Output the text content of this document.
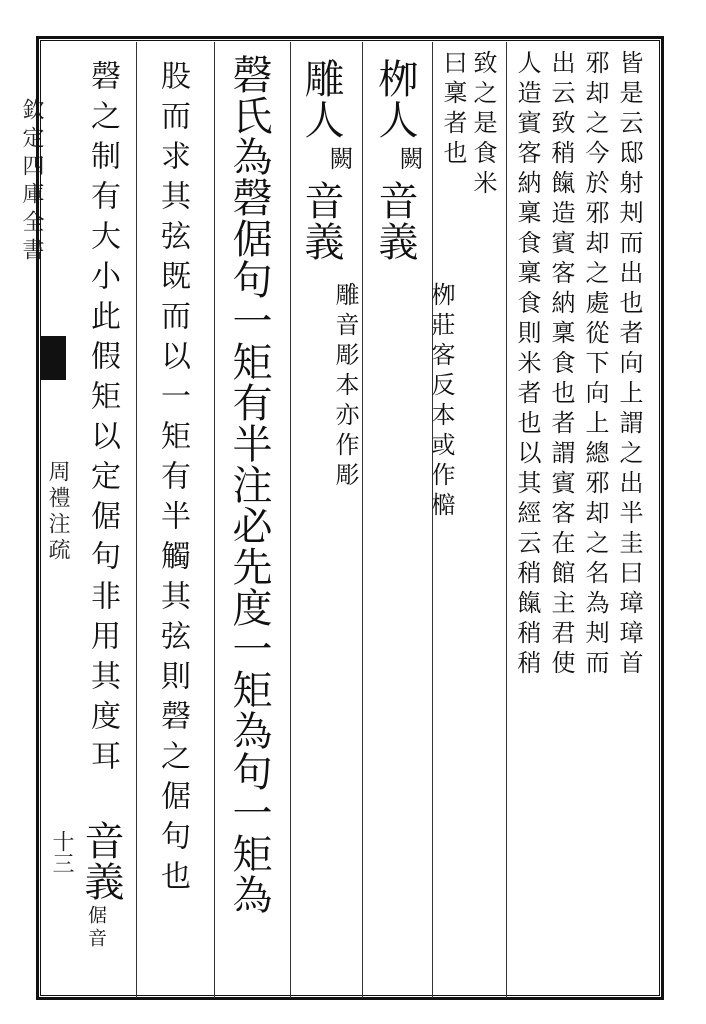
欽定四庫全書
周禮注疏
十三
皆是云邸射刔而出也者向上謂之出半圭曰璋璋首
邪却之今於邪却之處從下向上總邪却之名為刔而
出云致稍餼造賓客納稟食也者謂賓客在館主君使
人造賓客納稟食稟食則米者也以其經云稍餼稍稍
致之是食米
曰稟者也
栁人
闕
音義
栁莊客反本或作㯁
雕人
闕
音義
雕音彫本亦作彫
磬氏為磬倨句一矩有半注必先度一矩為句一矩為
股而求其弦既而以一矩有半觸其弦則磬之倨句也
磬之制有大小此假矩以定倨句非用其度耳
音義
倨音
